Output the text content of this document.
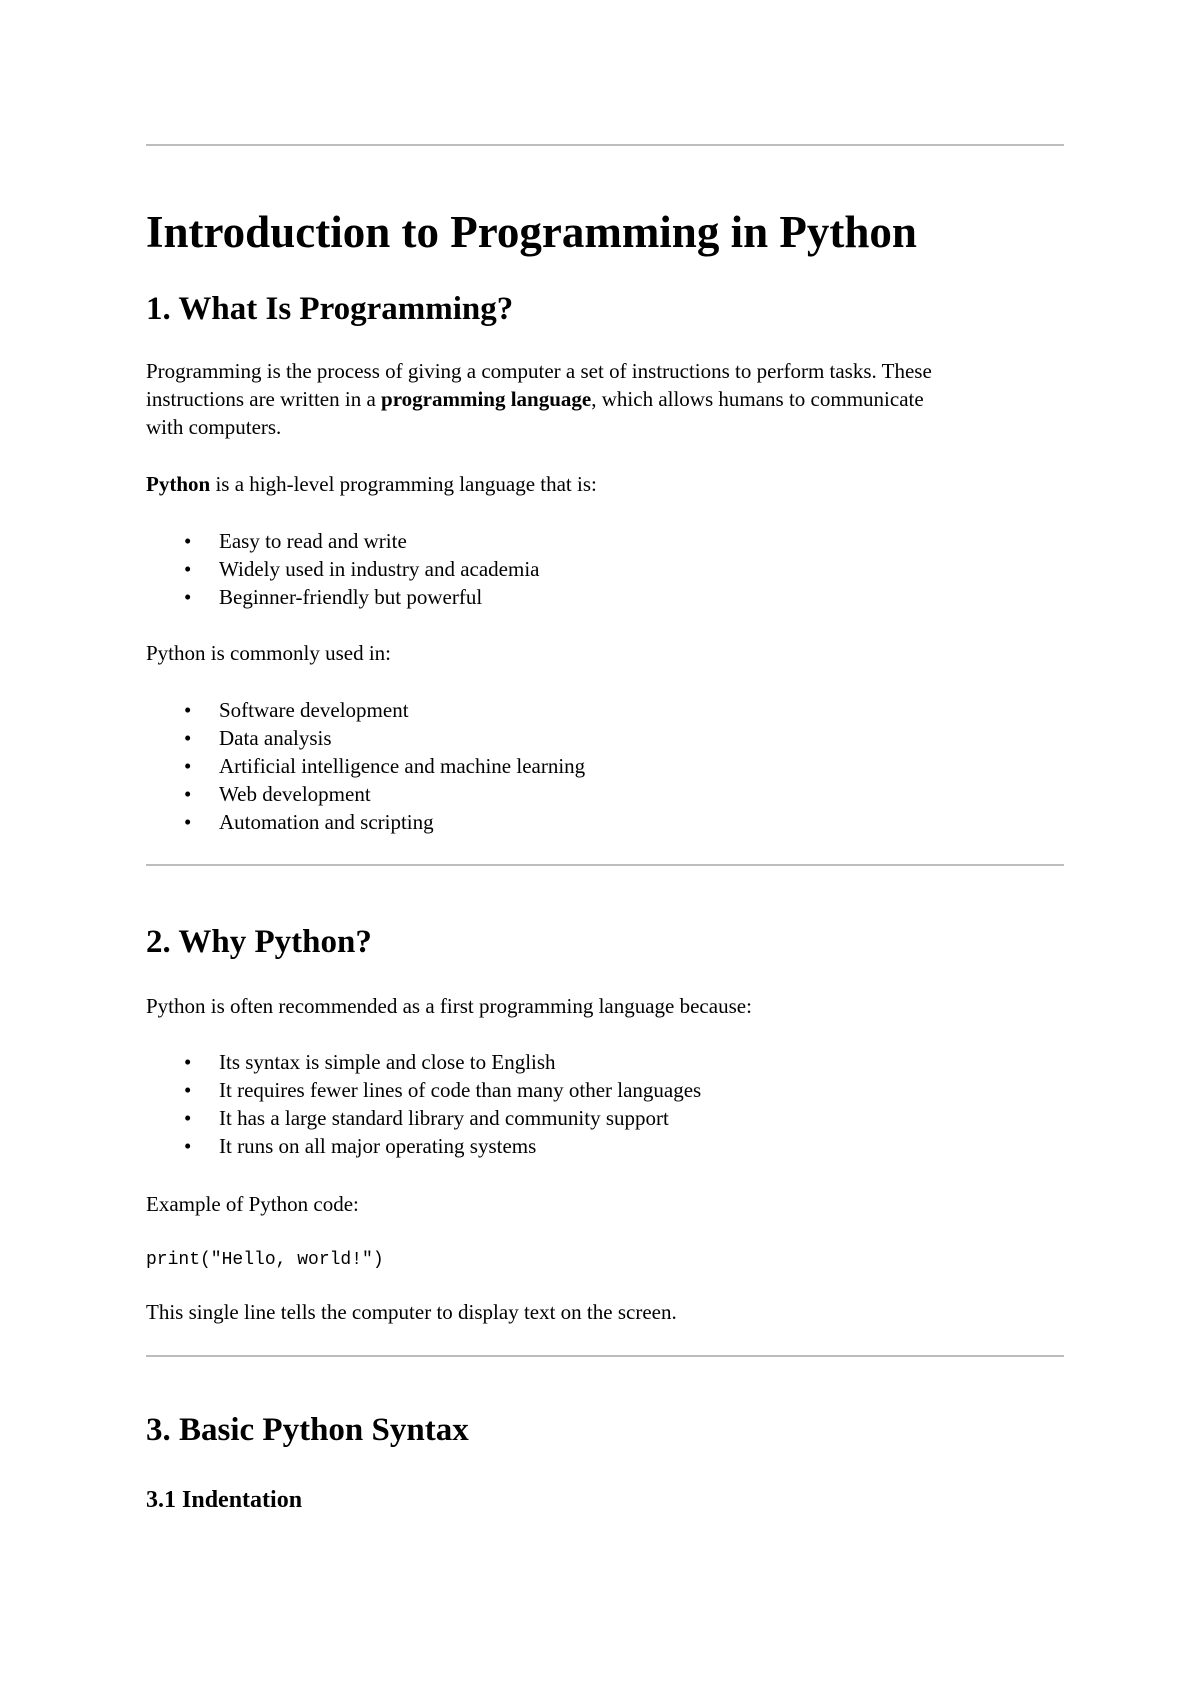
Introduction to Programming in Python
1. What Is Programming?
Programming is the process of giving a computer a set of instructions to perform tasks. These
instructions are written in a programming language, which allows humans to communicate
with computers.

Python is a high-level programming language that is:

• Easy to read and write
• Widely used in industry and academia
• Beginner-friendly but powerful

Python is commonly used in:

• Software development
• Data analysis
• Artificial intelligence and machine learning
• Web development
• Automation and scripting
2. Why Python?

Python is often recommended as a first programming language because:

• Its syntax is simple and close to English
• It requires fewer lines of code than many other languages
• It has a large standard library and community support
• It runs on all major operating systems

Example of Python code:

print("Hello, world!")

This single line tells the computer to display text on the screen.

3. Basic Python Syntax
3.1 Indentation
